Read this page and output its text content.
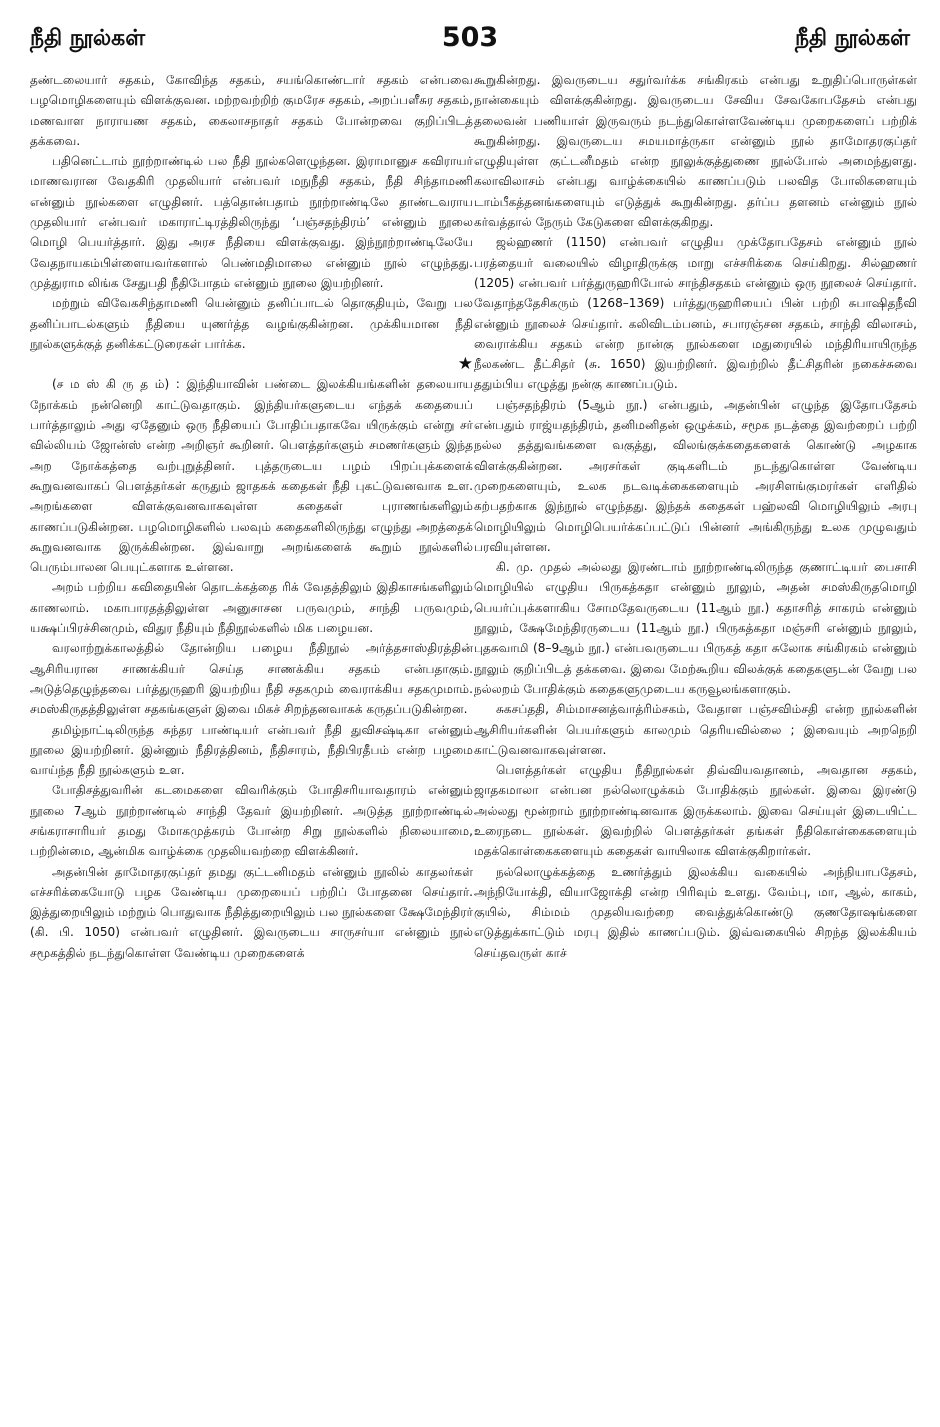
நீதி நூல்கள்	503	நீதி நூல்கள்

தண்டலையார் சதகம், கோவிந்த சதகம், சயங்கொண்டார் சதகம் என்பவை பழமொழிகளையும் விளக்குவன. மற்றவற்றிற் குமரேச சதகம், அறப்பளீசுர சதகம், மணவாள நாராயண சதகம், கைலாசநாதர் சதகம் போன்றவை குறிப்பிடத் தக்கவை.

பதினெட்டாம் நூற்றாண்டில் பல நீதி நூல்களெழுந்தன. இராமானுச கவிராயர் மாணவரான வேதகிரி முதலியார் என்பவர் மநுநீதி சதகம், நீதி சிந்தாமணி என்னும் நூல்களை எழுதினர். பத்தொன்பதாம் நூற்றாண்டிலே தாண்டவராய முதலியார் என்பவர் மகாராட்டிரத்திலிருந்து ‘பஞ்சதந்திரம்’ என்னும் நூலை மொழி பெயர்த்தார். இது அரச நீதியை விளக்குவது. இந்நூற்றாண்டிலேயே வேதநாயகம்பிள்ளையவர்களால் பெண்மதிமாலை என்னும் நூல் எழுந்தது. முத்துராம லிங்க சேதுபதி நீதிபோதம் என்னும் நூலை இயற்றினர்.

மற்றும் விவேகசிந்தாமணி யென்னும் தனிப்பாடல் தொகுதியும், வேறு பல தனிப்பாடல்களும் நீதியை யுணர்த்த வழங்குகின்றன. முக்கியமான நீதி நூல்களுக்குத் தனிக்கட்டுரைகள் பார்க்க.

★

(ச ம ஸ் கி ரு த ம்) : இந்தியாவின் பண்டை இலக்கியங்களின் தலையாய நோக்கம் நன்னெறி காட்டுவதாகும். இந்தியர்களுடைய எந்தக் கதையைப் பார்த்தாலும் அது ஏதேனும் ஒரு நீதியைப் போதிப்பதாகவே யிருக்கும் என்று சர் வில்லியம் ஜோன்ஸ் என்ற அறிஞர் கூறினர். பௌத்தர்களும் சமணர்களும் இந்த அற நோக்கத்தை வற்புறுத்தினர். புத்தருடைய பழம் பிறப்புக்களைக் கூறுவனவாகப் பௌத்தர்கள் கருதும் ஜாதகக் கதைகள் நீதி புகட்டுவனவாக உள. அறங்களை விளக்குவனவாகவுள்ள கதைகள் புராணங்களிலும் காணப்படுகின்றன. பழமொழிகளில் பலவும் கதைகளிலிருந்து எழுந்து அறத்தைக் கூறுவனவாக இருக்கின்றன. இவ்வாறு அறங்களைக் கூறும் நூல்களில் பெரும்பாலன பெயுட்களாக உள்ளன.

அறம் பற்றிய கவிதையின் தொடக்கத்தை ரிக் வேதத்திலும் இதிகாசங்களிலும் காணலாம். மகாபாரதத்திலுள்ள அனுசாசன பருவமும், சாந்தி பருவமும், யக்ஷப்பிரச்சினமும், விதுர நீதியும் நீதிநூல்களில் மிக பழையன.

வரலாற்றுக்காலத்தில் தோன்றிய பழைய நீதிநூல் அர்த்தசாஸ்திரத்தின் ஆசிரியரான சாணக்கியர் செய்த சாணக்கிய சதகம் என்பதாகும். அடுத்தெழுந்தவை பர்த்துருஹரி இயற்றிய நீதி சதகமும் வைராக்கிய சதகமுமாம். சமஸ்கிருதத்திலுள்ள சதகங்களுள் இவை மிகச் சிறந்தனவாகக் கருதப்படுகின்றன.

தமிழ்நாட்டிலிருந்த சுந்தர பாண்டியர் என்பவர் நீதி துவிசஷ்டிகா என்னும் நூலை இயற்றினர். இன்னும் நீதிரத்தினம், நீதிசாரம், நீதிபிரதீபம் என்ற பழமை வாய்ந்த நீதி நூல்களும் உள.

போதிசத்துவரின் கடமைகளை விவரிக்கும் போதிசரியாவதாரம் என்னும் நூலை 7ஆம் நூற்றாண்டில் சாந்தி தேவர் இயற்றினர். அடுத்த நூற்றாண்டில் சங்கராசாரியர் தமது மோகமுத்கரம் போன்ற சிறு நூல்களில் நிலையாமை, பற்றின்மை, ஆன்மிக வாழ்க்கை முதலியவற்றை விளக்கினர்.

அதன்பின் தாமோதரகுப்தர் தமது குட்டனிமதம் என்னும் நூலில் காதலர்கள் எச்சரிக்கையோடு பழக வேண்டிய முறையைப் பற்றிப் போதனை செய்தார். இத்துறையிலும் மற்றும் பொதுவாக நீதித்துறையிலும் பல நூல்களை க்ஷேமேந்திரர் (கி. பி. 1050) என்பவர் எழுதினர். இவருடைய சாருசர்யா என்னும் நூல் சமூகத்தில் நடந்துகொள்ள வேண்டிய முறைகளைக்

கூறுகின்றது. இவருடைய சதுர்வர்க்க சங்கிரகம் என்பது உறுதிப்பொருள்கள் நான்கையும் விளக்குகின்றது. இவருடைய சேவிய சேவகோபதேசம் என்பது தலைவன் பணியாள் இருவரும் நடந்துகொள்ளவேண்டிய முறைகளைப் பற்றிக் கூறுகின்றது. இவருடைய சமயமாத்ருகா என்னும் நூல் தாமோதரகுப்தர் எழுதியுள்ள குட்டனீமதம் என்ற நூலுக்குத்துணை நூல்போல் அமைந்துளது. கலாவிலாசம் என்பது வாழ்க்கையில் காணப்படும் பலவித போலிகளையும் டாம்பீகத்தனங்களையும் எடுத்துக் கூறுகின்றது. தர்ப்ப தளனம் என்னும் நூல் கர்வத்தால் நேரும் கேடுகளை விளக்குகிறது.

ஜல்ஹணர் (1150) என்பவர் எழுதிய முக்தோபதேசம் என்னும் நூல் பரத்தையர் வலையில் விழாதிருக்கு மாறு எச்சரிக்கை செய்கிறது. சில்ஹணர் (1205) என்பவர் பர்த்துருஹரிபோல் சாந்திசதகம் என்னும் ஒரு நூலைச் செய்தார். வேதாந்ததேசிகரும் (1268–1369) பர்த்துருஹரியைப் பின் பற்றி சுபாஷிதநீவி என்னும் நூலைச் செய்தார். கலிவிடம்பனம், சபாரஞ்சன சதகம், சாந்தி விலாசம், வைராக்கிய சதகம் என்ற நான்கு நூல்களை மதுரையில் மந்திரியாயிருந்த நீலகண்ட தீட்சிதர் (சு. 1650) இயற்றினர். இவற்றில் தீட்சிதரின் நகைச்சுவை ததும்பிய எழுத்து நன்கு காணப்படும்.

பஞ்சதந்திரம் (5ஆம் நூ.) என்பதும், அதன்பின் எழுந்த இதோபதேசம் என்பதும் ராஜ்யதந்திரம், தனிமனிதன் ஒழுக்கம், சமூக நடத்தை இவற்றைப் பற்றி நல்ல தத்துவங்களை வகுத்து, விலங்குக்கதைகளைக் கொண்டு அழகாக விளக்குகின்றன. அரசர்கள் குடிகளிடம் நடந்துகொள்ள வேண்டிய முறைகளையும், உலக நடவடிக்கைகளையும் அரசிளங்குமரர்கள் எளிதில் கற்பதற்காக இந்நூல் எழுந்தது. இந்தக் கதைகள் பஹ்லவி மொழியிலும் அரபு மொழியிலும் மொழிபெயர்க்கப்பட்டுப் பின்னர் அங்கிருந்து உலக முழுவதும் பரவியுள்ளன.

கி. மு. முதல் அல்லது இரண்டாம் நூற்றாண்டிலிருந்த குணாட்டியர் பைசாசி மொழியில் எழுதிய பிருகத்கதா என்னும் நூலும், அதன் சமஸ்கிருதமொழி பெயர்ப்புக்களாகிய சோமதேவருடைய (11ஆம் நூ.) கதாசரித் சாகரம் என்னும் நூலும், க்ஷேமேந்திரருடைய (11ஆம் நூ.) பிருகத்கதா மஞ்சரி என்னும் நூலும், புதசுவாமி (8–9ஆம் நூ.) என்பவருடைய பிருகத் கதா சுலோக சங்கிரகம் என்னும் நூலும் குறிப்பிடத் தக்கவை. இவை மேற்கூறிய விலக்குக் கதைகளுடன் வேறு பல நல்லறம் போதிக்கும் கதைகளுமுடைய கருவூலங்களாகும்.

சுகசப்ததி, சிம்மாசனத்வாத்ரிம்சகம், வேதாள பஞ்சவிம்சதி என்ற நூல்களின் ஆசிரியர்களின் பெயர்களும் காலமும் தெரியவில்லை ; இவையும் அறநெறி காட்டுவனவாகவுள்ளன.

பௌத்தர்கள் எழுதிய நீதிநூல்கள் திவ்வியவதானம், அவதான சதகம், ஜாதகமாலா என்பன நல்லொழுக்கம் போதிக்கும் நூல்கள். இவை இரண்டு அல்லது மூன்றாம் நூற்றாண்டினவாக இருக்கலாம். இவை செய்யுள் இடையிட்ட உரைநடை நூல்கள். இவற்றில் பௌத்தர்கள் தங்கள் நீதிகொள்கைகளையும் மதக்கொள்கைகளையும் கதைகள் வாயிலாக விளக்குகிறார்கள்.

நல்லொழுக்கத்தை உணர்த்தும் இலக்கிய வகையில் அந்நியாபதேசம், அந்நியோக்தி, வியாஜோக்தி என்ற பிரிவும் உளது. வேம்பு, மா, ஆல், காகம், குயில், சிம்மம் முதலியவற்றை வைத்துக்கொண்டு குணதோஷங்களை எடுத்துக்காட்டும் மரபு இதில் காணப்படும். இவ்வகையில் சிறந்த இலக்கியம் செய்தவருள் காச்
